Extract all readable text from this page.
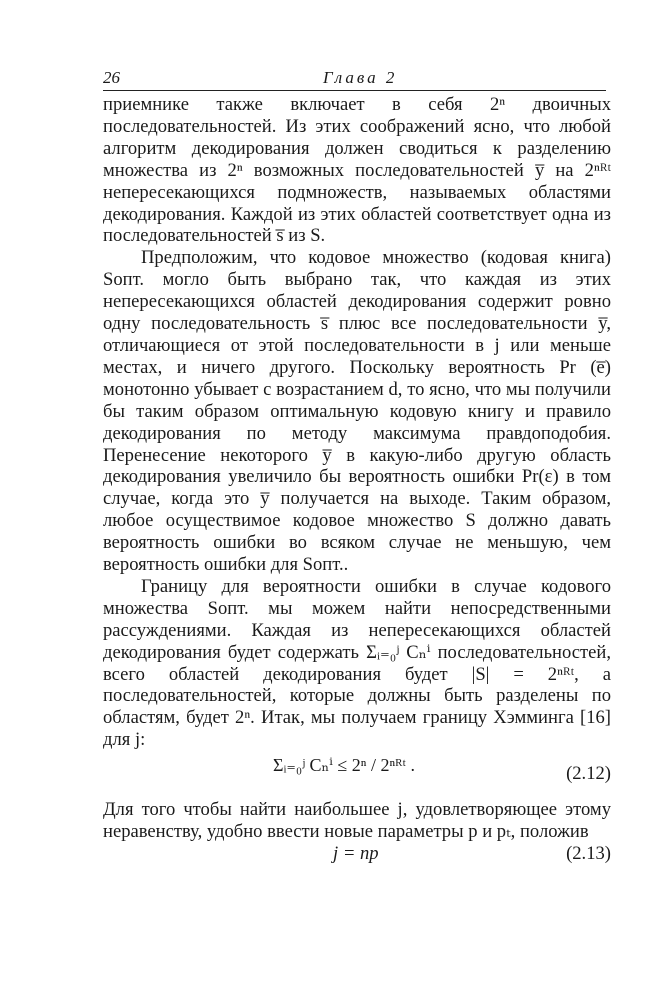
26	Глава 2

приемнике также включает в себя 2ⁿ двоичных последовательностей. Из этих соображений ясно, что любой алгоритм декодирования должен сводиться к разделению множества из 2ⁿ возможных последовательностей y̅ на 2ⁿᴿᵗ непересекающихся подмножеств, называемых областями декодирования. Каждой из этих областей соответствует одна из последовательностей s̅ из S.

Предположим, что кодовое множество (кодовая книга) Sопт. могло быть выбрано так, что каждая из этих непересекающихся областей декодирования содержит ровно одну последовательность s̅ плюс все последовательности y̅, отличающиеся от этой последовательности в j или меньше местах, и ничего другого. Поскольку вероятность Pr (e̅) монотонно убывает с возрастанием d, то ясно, что мы получили бы таким образом оптимальную кодовую книгу и правило декодирования по методу максимума правдоподобия. Перенесение некоторого y̅ в какую-либо другую область декодирования увеличило бы вероятность ошибки Pr(ε) в том случае, когда это y̅ получается на выходе. Таким образом, любое осуществимое кодовое множество S должно давать вероятность ошибки во всяком случае не меньшую, чем вероятность ошибки для Sопт..

Границу для вероятности ошибки в случае кодового множества Sопт. мы можем найти непосредственными рассуждениями. Каждая из непересекающихся областей декодирования будет содержать Σᵢ₌₀ʲ Cₙⁱ последовательностей, всего областей декодирования будет |S| = 2ⁿᴿᵗ, а последовательностей, которые должны быть разделены по областям, будет 2ⁿ. Итак, мы получаем границу Хэмминга [16] для j:

Σᵢ₌₀ʲ Cₙⁱ ≤ 2ⁿ / 2ⁿᴿᵗ .	(2.12)

Для того чтобы найти наибольшее j, удовлетворяющее этому неравенству, удобно ввести новые параметры p и pₜ, положив

j = np	(2.13)
